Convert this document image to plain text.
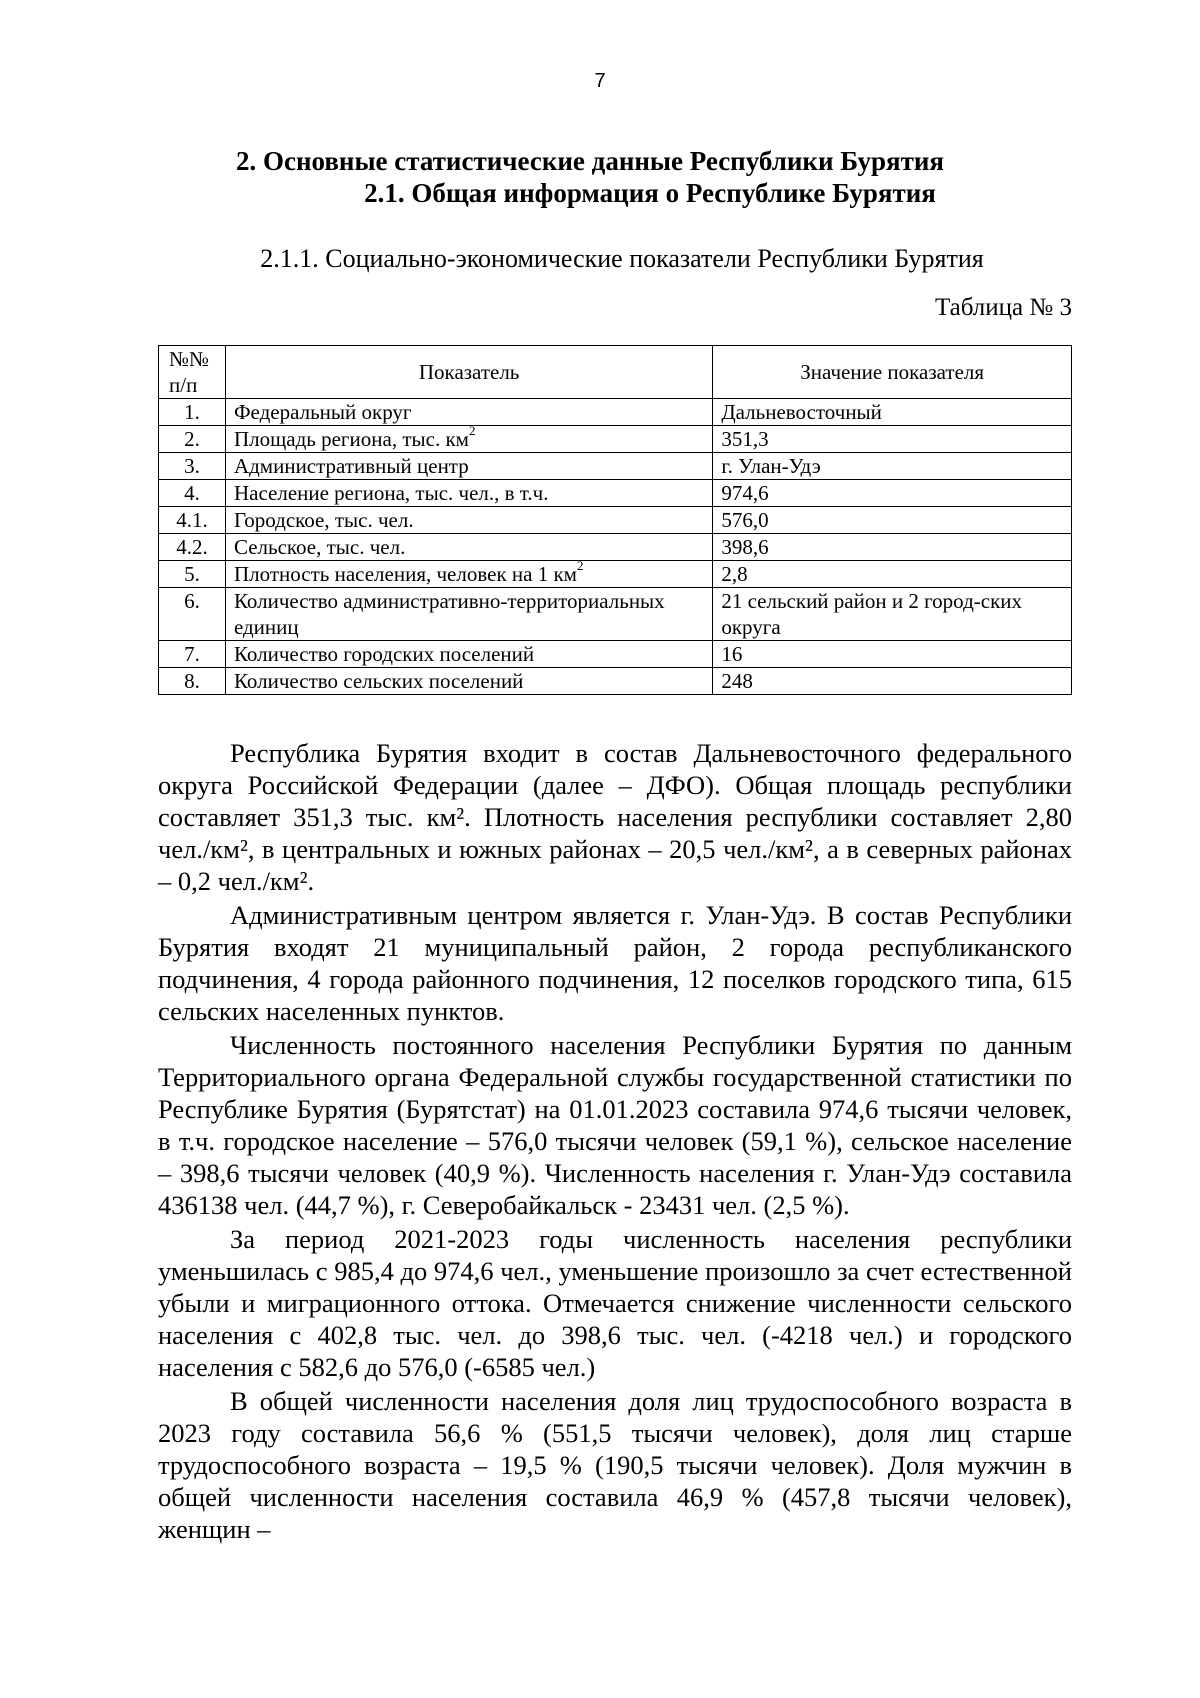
7
2. Основные статистические данные Республики Бурятия
2.1. Общая информация о Республике Бурятия
2.1.1. Социально-экономические показатели Республики Бурятия
Таблица № 3
№№ п/п	Показатель	Значение показателя
1.	Федеральный округ	Дальневосточный
2.	Площадь региона, тыс. $км^2$	351,3
3.	Административный центр	г. Улан-Удэ
4.	Население региона, тыс. чел., в т.ч.	974,6
4.1.	Городское, тыс. чел.	576,0
4.2.	Сельское, тыс. чел.	398,6
5.	Плотность населения, человек на 1 $км^2$	2,8
6.	Количество административно-территориальных единиц	21 сельский район и 2 город-ских округа
7.	Количество городских поселений	16
8.	Количество сельских поселений	248

Республика Бурятия входит в состав Дальневосточного федерального округа Российской Федерации (далее – ДФО). Общая площадь республики составляет 351,3 тыс. км². Плотность населения республики составляет 2,80 чел./км², в центральных и южных районах – 20,5 чел./км², а в северных районах – 0,2 чел./км².

Административным центром является г. Улан-Удэ. В состав Республики Бурятия входят 21 муниципальный район, 2 города республиканского подчинения, 4 города районного подчинения, 12 поселков городского типа, 615 сельских населенных пунктов.

Численность постоянного населения Республики Бурятия по данным Территориального органа Федеральной службы государственной статистики по Республике Бурятия (Бурятстат) на 01.01.2023 составила 974,6 тысячи человек, в т.ч. городское население – 576,0 тысячи человек (59,1 %), сельское население – 398,6 тысячи человек (40,9 %). Численность населения г. Улан-Удэ составила 436138 чел. (44,7 %), г. Северобайкальск - 23431 чел. (2,5 %).

За период 2021-2023 годы численность населения республики уменьшилась с 985,4 до 974,6 чел., уменьшение произошло за счет естественной убыли и миграционного оттока. Отмечается снижение численности сельского населения с 402,8 тыс. чел. до 398,6 тыс. чел. (-4218 чел.) и городского населения с 582,6 до 576,0 (-6585 чел.)

В общей численности населения доля лиц трудоспособного возраста в 2023 году составила 56,6 % (551,5 тысячи человек), доля лиц старше трудоспособного возраста – 19,5 % (190,5 тысячи человек). Доля мужчин в общей численности населения составила 46,9 % (457,8 тысячи человек), женщин –
